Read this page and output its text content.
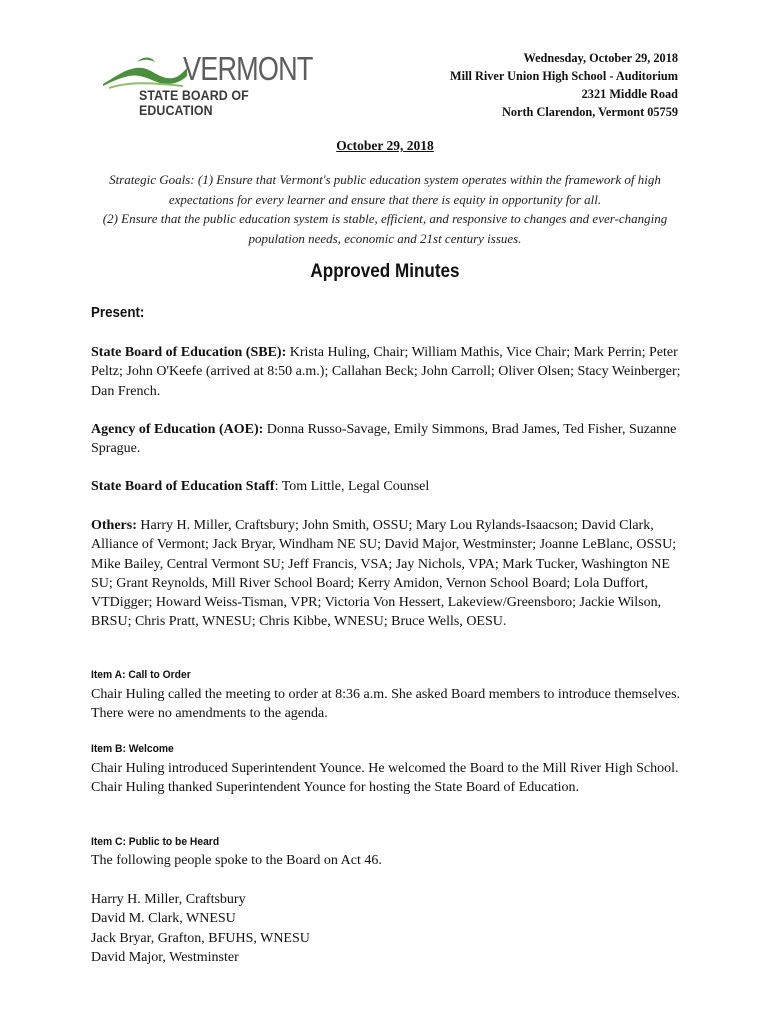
VERMONT
STATE BOARD OF EDUCATION
Wednesday, October 29, 2018
Mill River Union High School - Auditorium
2321 Middle Road
North Clarendon, Vermont 05759
October 29, 2018
Strategic Goals: (1) Ensure that Vermont's public education system operates within the framework of high
expectations for every learner and ensure that there is equity in opportunity for all.
(2) Ensure that the public education system is stable, efficient, and responsive to changes and ever-changing
population needs, economic and 21st century issues.
Approved Minutes
Present:
State Board of Education (SBE): Krista Huling, Chair; William Mathis, Vice Chair; Mark Perrin; Peter Peltz; John O'Keefe (arrived at 8:50 a.m.); Callahan Beck; John Carroll; Oliver Olsen; Stacy Weinberger; Dan French.
Agency of Education (AOE): Donna Russo-Savage, Emily Simmons, Brad James, Ted Fisher, Suzanne Sprague.
State Board of Education Staff: Tom Little, Legal Counsel
Others: Harry H. Miller, Craftsbury; John Smith, OSSU; Mary Lou Rylands-Isaacson; David Clark, Alliance of Vermont; Jack Bryar, Windham NE SU; David Major, Westminster; Joanne LeBlanc, OSSU; Mike Bailey, Central Vermont SU; Jeff Francis, VSA; Jay Nichols, VPA; Mark Tucker, Washington NE SU; Grant Reynolds, Mill River School Board; Kerry Amidon, Vernon School Board; Lola Duffort, VTDigger; Howard Weiss-Tisman, VPR; Victoria Von Hessert, Lakeview/Greensboro; Jackie Wilson, BRSU; Chris Pratt, WNESU; Chris Kibbe, WNESU; Bruce Wells, OESU.
Item A: Call to Order
Chair Huling called the meeting to order at 8:36 a.m. She asked Board members to introduce themselves. There were no amendments to the agenda.
Item B: Welcome
Chair Huling introduced Superintendent Younce. He welcomed the Board to the Mill River High School. Chair Huling thanked Superintendent Younce for hosting the State Board of Education.
Item C: Public to be Heard
The following people spoke to the Board on Act 46.
Harry H. Miller, Craftsbury
David M. Clark, WNESU
Jack Bryar, Grafton, BFUHS, WNESU
David Major, Westminster
